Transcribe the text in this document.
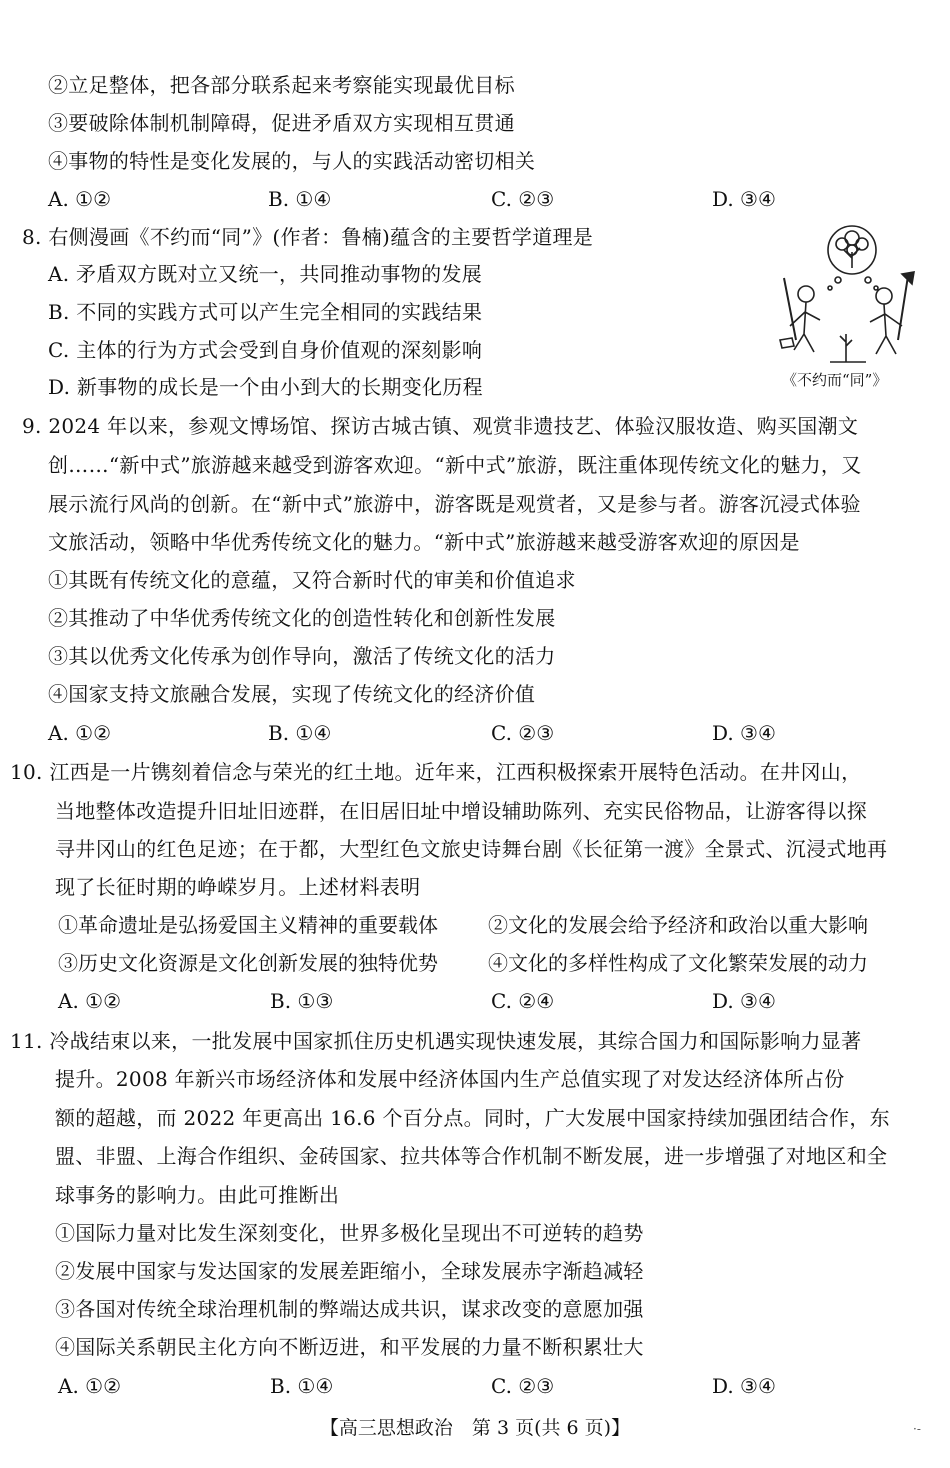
②立足整体，把各部分联系起来考察能实现最优目标
③要破除体制机制障碍，促进矛盾双方实现相互贯通
④事物的特性是变化发展的，与人的实践活动密切相关
A. ①②	B. ①④	C. ②③	D. ③④
8. 右侧漫画《不约而“同”》(作者：鲁楠)蕴含的主要哲学道理是
A. 矛盾双方既对立又统一，共同推动事物的发展
B. 不同的实践方式可以产生完全相同的实践结果
C. 主体的行为方式会受到自身价值观的深刻影响
D. 新事物的成长是一个由小到大的长期变化历程	《不约而“同”》
9. 2024 年以来，参观文博场馆、探访古城古镇、观赏非遗技艺、体验汉服妆造、购买国潮文
创……“新中式”旅游越来越受到游客欢迎。“新中式”旅游，既注重体现传统文化的魅力，又
展示流行风尚的创新。在“新中式”旅游中，游客既是观赏者，又是参与者。游客沉浸式体验
文旅活动，领略中华优秀传统文化的魅力。“新中式”旅游越来越受游客欢迎的原因是
①其既有传统文化的意蕴，又符合新时代的审美和价值追求
②其推动了中华优秀传统文化的创造性转化和创新性发展
③其以优秀文化传承为创作导向，激活了传统文化的活力
④国家支持文旅融合发展，实现了传统文化的经济价值
A. ①②	B. ①④	C. ②③	D. ③④
10. 江西是一片镌刻着信念与荣光的红土地。近年来，江西积极探索开展特色活动。在井冈山，
当地整体改造提升旧址旧迹群，在旧居旧址中增设辅助陈列、充实民俗物品，让游客得以探
寻井冈山的红色足迹；在于都，大型红色文旅史诗舞台剧《长征第一渡》全景式、沉浸式地再
现了长征时期的峥嵘岁月。上述材料表明
①革命遗址是弘扬爱国主义精神的重要载体	②文化的发展会给予经济和政治以重大影响
③历史文化资源是文化创新发展的独特优势	④文化的多样性构成了文化繁荣发展的动力
A. ①②	B. ①③	C. ②④	D. ③④
11. 冷战结束以来，一批发展中国家抓住历史机遇实现快速发展，其综合国力和国际影响力显著
提升。2008 年新兴市场经济体和发展中经济体国内生产总值实现了对发达经济体所占份
额的超越，而 2022 年更高出 16.6 个百分点。同时，广大发展中国家持续加强团结合作，东
盟、非盟、上海合作组织、金砖国家、拉共体等合作机制不断发展，进一步增强了对地区和全
球事务的影响力。由此可推断出
①国际力量对比发生深刻变化，世界多极化呈现出不可逆转的趋势
②发展中国家与发达国家的发展差距缩小，全球发展赤字渐趋减轻
③各国对传统全球治理机制的弊端达成共识，谋求改变的意愿加强
④国际关系朝民主化方向不断迈进，和平发展的力量不断积累壮大
A. ①②	B. ①④	C. ②③	D. ③④
【高三思想政治　第 3 页(共 6 页)】	·-
